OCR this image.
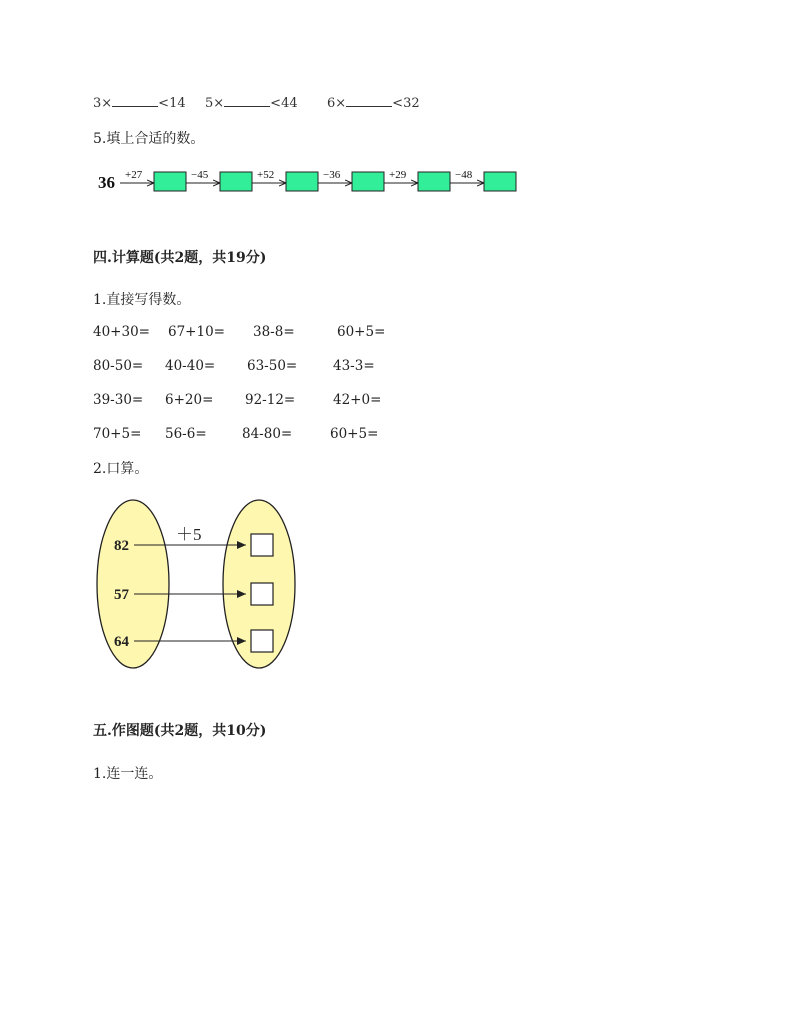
3×	<14 5×	<44 6×	<32
5.填上合适的数。
36 +27	−45	+52	−36	+29	−48
四.计算题(共2题，共19分)
1.直接写得数。
40+30= 67+10= 38-8=	60+5=
80-50= 40-40= 63-50=	43-3=
39-30= 6+20= 92-12=	42+0=
70+5= 56-6=	84-80=	60+5=
2.口算。
＋5
82
57
64
五.作图题(共2题，共10分)
1.连一连。
